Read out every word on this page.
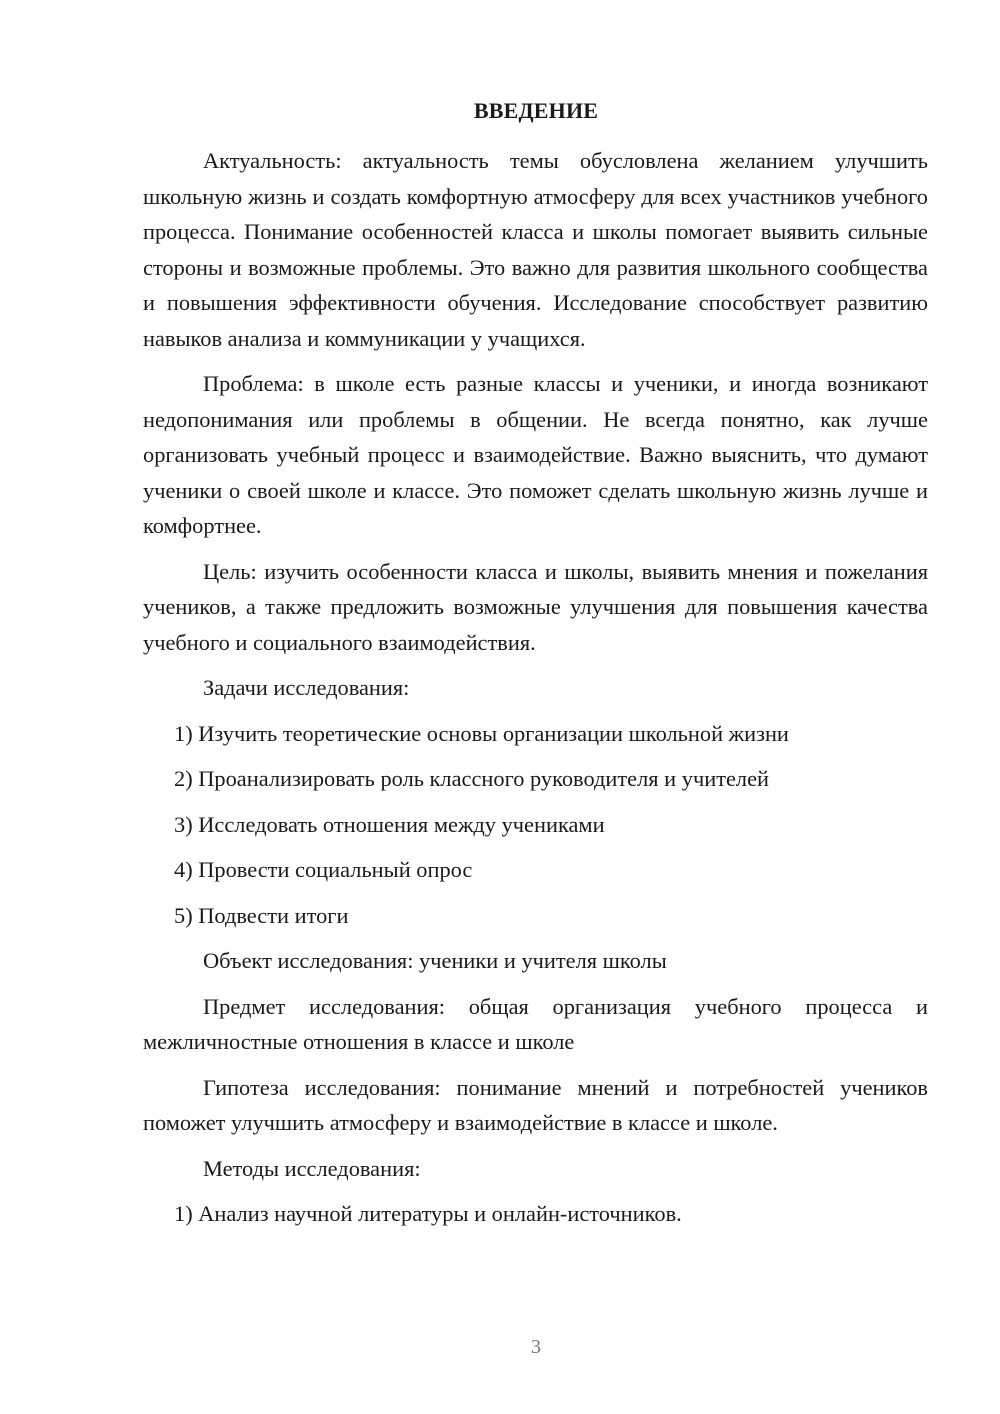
ВВЕДЕНИЕ

Актуальность: актуальность темы обусловлена желанием улучшить школьную жизнь и создать комфортную атмосферу для всех участников учебного процесса. Понимание особенностей класса и школы помогает выявить сильные стороны и возможные проблемы. Это важно для развития школьного сообщества и повышения эффективности обучения. Исследование способствует развитию навыков анализа и коммуникации у учащихся.

Проблема: в школе есть разные классы и ученики, и иногда возникают недопонимания или проблемы в общении. Не всегда понятно, как лучше организовать учебный процесс и взаимодействие. Важно выяснить, что думают ученики о своей школе и классе. Это поможет сделать школьную жизнь лучше и комфортнее.

Цель: изучить особенности класса и школы, выявить мнения и пожелания учеников, а также предложить возможные улучшения для повышения качества учебного и социального взаимодействия.

Задачи исследования:

1) Изучить теоретические основы организации школьной жизни

2) Проанализировать роль классного руководителя и учителей

3) Исследовать отношения между учениками

4) Провести социальный опрос

5) Подвести итоги

Объект исследования: ученики и учителя школы

Предмет исследования: общая организация учебного процесса и межличностные отношения в классе и школе

Гипотеза исследования: понимание мнений и потребностей учеников поможет улучшить атмосферу и взаимодействие в классе и школе.

Методы исследования:

1) Анализ научной литературы и онлайн-источников.

3
